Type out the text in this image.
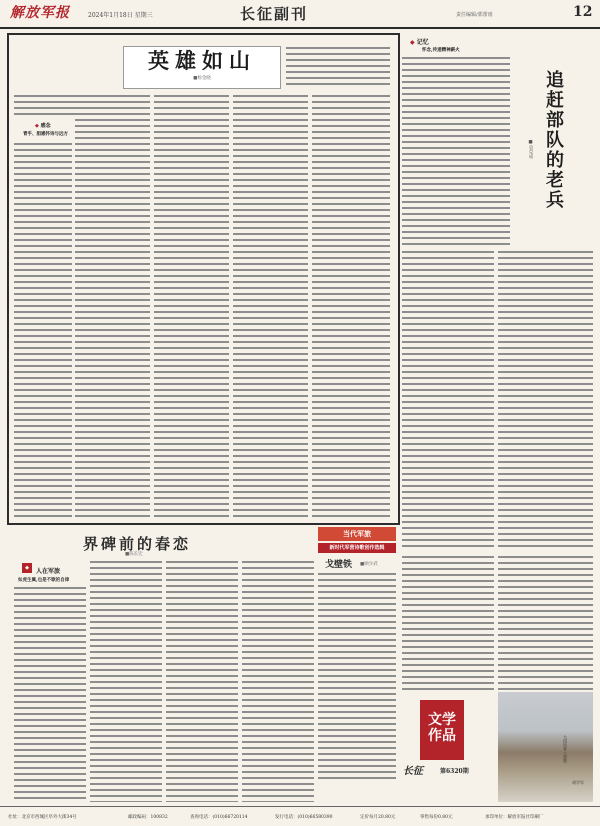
解放军报	2024年1月18日 星期三	长征副刊	责任编辑/郭蕾雨	12
英雄如山
■杨金晓
◆ 感念
青乎、胆感怀诗与远方
◆ 记忆
怀念,传递精神薪火
追赶部队的老兵
■袁克成
大国风骨 (油画)
胡学军
界碑前的春恋
■陈长宏
◆	人在军旅
如虎生翼,也是不歇的自律
当代军旅
新时代军营诗歌创作选辑
戈壁铁 ■顾少武
文学
作品
长征	第6320期
社址：北京市西城区阜外大街34号	邮政编码：100832	查询电话：(010)66720114	发行电话：(010)66580390	定价每月20.80元	零售每份0.80元	承印单位：解放军报社印刷厂
